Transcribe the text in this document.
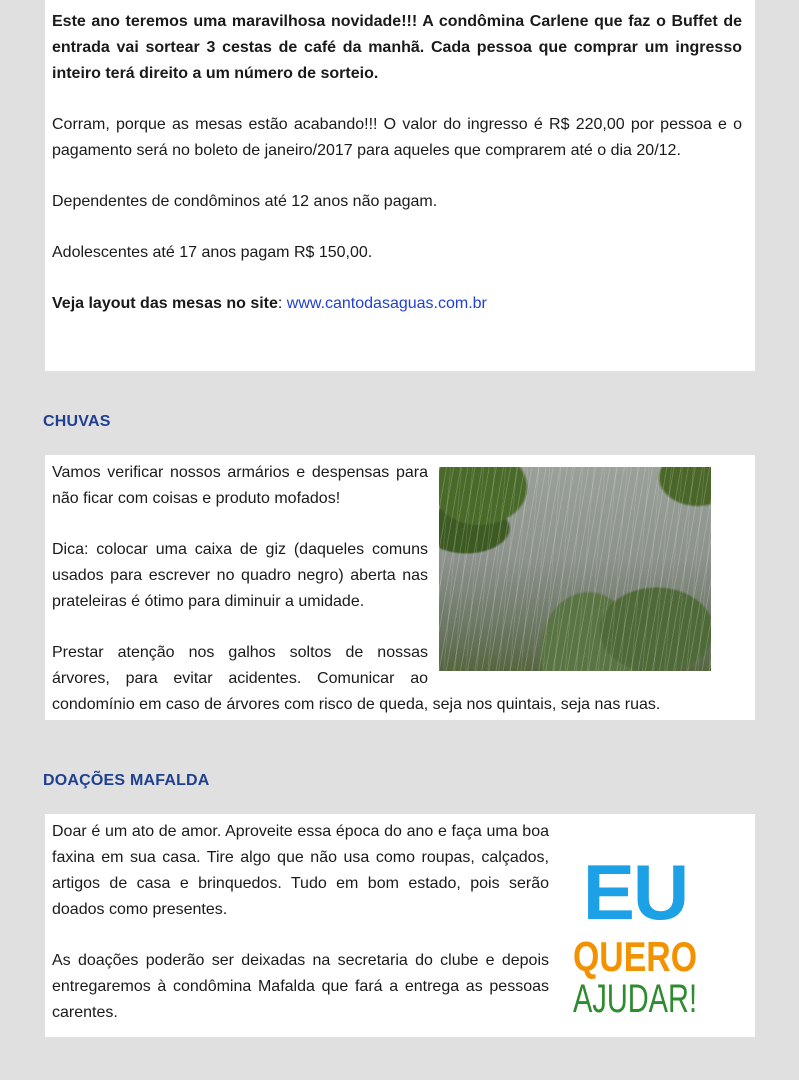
Este ano teremos uma maravilhosa novidade!!! A condômina Carlene que faz o Buffet de entrada vai sortear 3 cestas de café da manhã. Cada pessoa que comprar um ingresso inteiro terá direito a um número de sorteio.

Corram, porque as mesas estão acabando!!! O valor do ingresso é R$ 220,00 por pessoa e o pagamento será no boleto de janeiro/2017 para aqueles que comprarem até o dia 20/12.

Dependentes de condôminos até 12 anos não pagam.

Adolescentes até 17 anos pagam R$ 150,00.

Veja layout das mesas no site: www.cantodasaguas.com.br

CHUVAS

Vamos verificar nossos armários e despensas para não ficar com coisas e produto mofados!

Dica: colocar uma caixa de giz (daqueles comuns usados para escrever no quadro negro) aberta nas prateleiras é ótimo para diminuir a umidade.

Prestar atenção nos galhos soltos de nossas árvores, para evitar acidentes. Comunicar ao condomínio em caso de árvores com risco de queda, seja nos quintais, seja nas ruas.

DOAÇÕES MAFALDA
EU
QUERO
AJUDAR!

Doar é um ato de amor. Aproveite essa época do ano e faça uma boa faxina em sua casa. Tire algo que não usa como roupas, calçados, artigos de casa e brinquedos. Tudo em bom estado, pois serão doados como presentes.

As doações poderão ser deixadas na secretaria do clube e depois entregaremos à condômina Mafalda que fará a entrega as pessoas carentes.
